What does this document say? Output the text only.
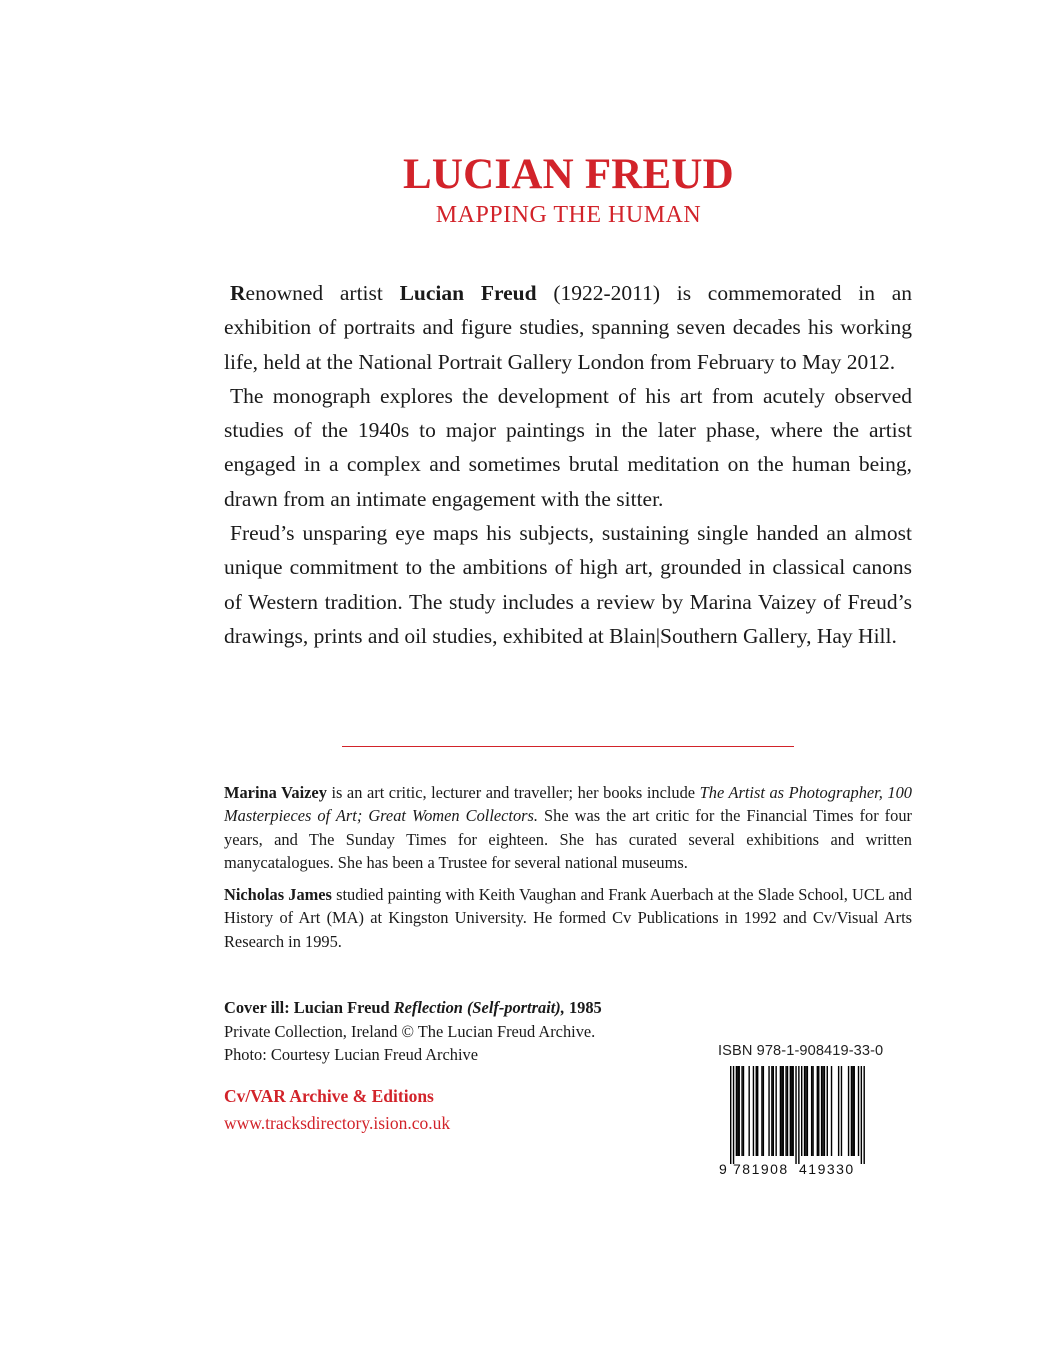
LUCIAN FREUD
MAPPING THE HUMAN

Renowned artist Lucian Freud (1922-2011) is commemorated in an exhibition of portraits and figure studies, spanning seven decades his working life, held at the National Portrait Gallery London from February to May 2012.

The monograph explores the development of his art from acutely observed studies of the 1940s to major paintings in the later phase, where the artist engaged in a complex and sometimes brutal meditation on the human being, drawn from an intimate engagement with the sitter.

Freud’s unsparing eye maps his subjects, sustaining single handed an almost unique commitment to the ambitions of high art, grounded in classical canons of Western tradition. The study includes a review by Marina Vaizey of Freud’s drawings, prints and oil studies, exhibited at Blain|Southern Gallery, Hay Hill.

Marina Vaizey is an art critic, lecturer and traveller; her books include The Artist as Photographer, 100 Masterpieces of Art; Great Women Collectors. She was the art critic for the Financial Times for four years, and The Sunday Times for eighteen. She has curated several exhibitions and written manycatalogues. She has been a Trustee for several national museums.

Nicholas James studied painting with Keith Vaughan and Frank Auerbach at the Slade School, UCL and History of Art (MA) at Kingston University. He formed Cv Publications in 1992 and Cv/Visual Arts Research in 1995.

Cover ill: Lucian Freud Reflection (Self-portrait), 1985
Private Collection, Ireland © The Lucian Freud Archive.
Photo: Courtesy Lucian Freud Archive
Cv/VAR Archive & Editions
www.tracksdirectory.ision.co.uk
ISBN 978-1-908419-33-0
9 781908 419330
